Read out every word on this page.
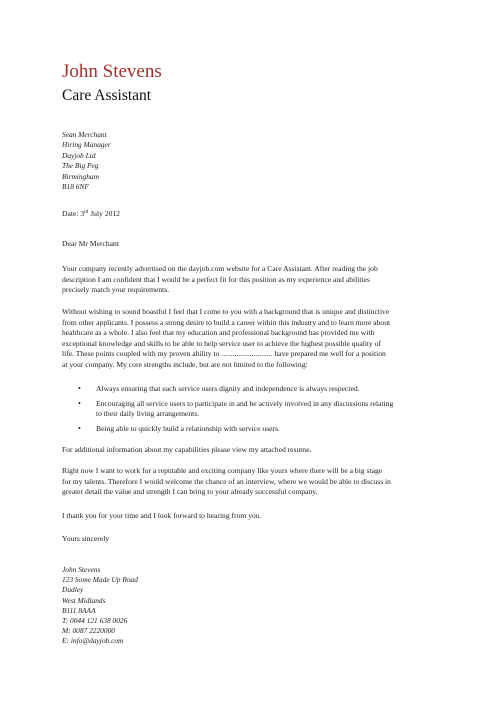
John Stevens
Care Assistant
Sean Merchant
Hiring Manager
Dayjob Ltd
The Big Peg
Birmingham
B18 6NF
Date: 3rd July 2012
Dear Mr Merchant
Your company recently advertised on the dayjob.com website for a Care Assistant. After reading the job
description I am confident that I would be a perfect fit for this position as my experience and abilities
precisely match your requirements.
Without wishing to sound boastful I feel that I come to you with a background that is unique and distinctive
from other applicants. I possess a strong desire to build a career within this industry and to learn more about
healthcare as a whole. I also feel that my education and professional background has provided me with
exceptional knowledge and skills to be able to help service user to achieve the highest possible quality of
life. These points coupled with my proven ability to ........................... have prepared me well for a position
at your company. My core strengths include, but are not limited to the following:
• Always ensuring that each service users dignity and independence is always respected.
• Encouraging all service users to participate in and be actively involved in any discussions relating
to their daily living arrangements.
• Being able to quickly build a relationship with service users.
For additional information about my capabilities please view my attached resume.
Right now I want to work for a reputable and exciting company like yours where there will be a big stage
for my talents. Therefore I would welcome the chance of an interview, where we would be able to discuss in
greater detail the value and strength I can bring to your already successful company.
I thank you for your time and I look forward to hearing from you.
Yours sincerely
John Stevens
123 Some Made Up Road
Dudley
West Midlands
B111 8AAA
T: 0044 121 638 0026
M: 0087 2220000
E: info@dayjob.com
